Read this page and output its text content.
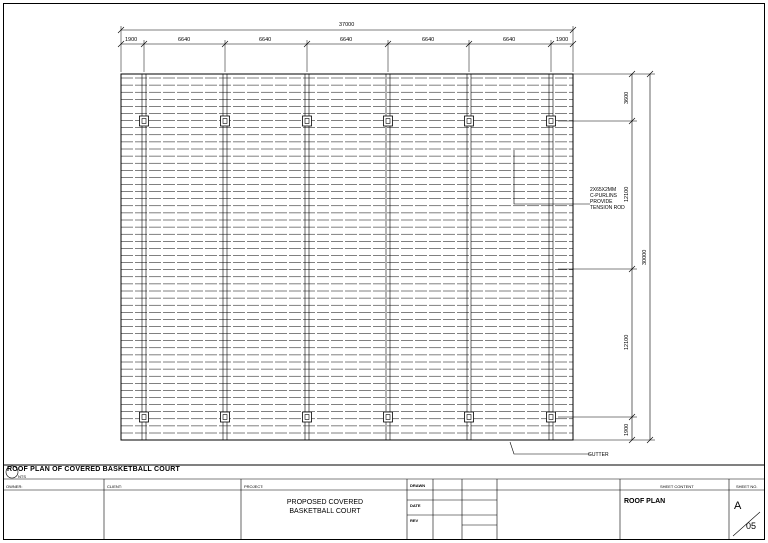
37000
1900	6640	6640	6640	6640	6640	1900
3600
12100
12100
1900
30000
2X65X2MM
C-PURLINS
PROVIDE
TENSION ROD
GUTTER
ROOF PLAN OF COVERED BASKETBALL COURT
NTS
OWNER:	CLIENT:	PROJECT:	DRAWN
DATE
REV
SHEET CONTENT	SHEET NO.
PROPOSED COVERED
BASKETBALL COURT
ROOF PLAN	A
05
